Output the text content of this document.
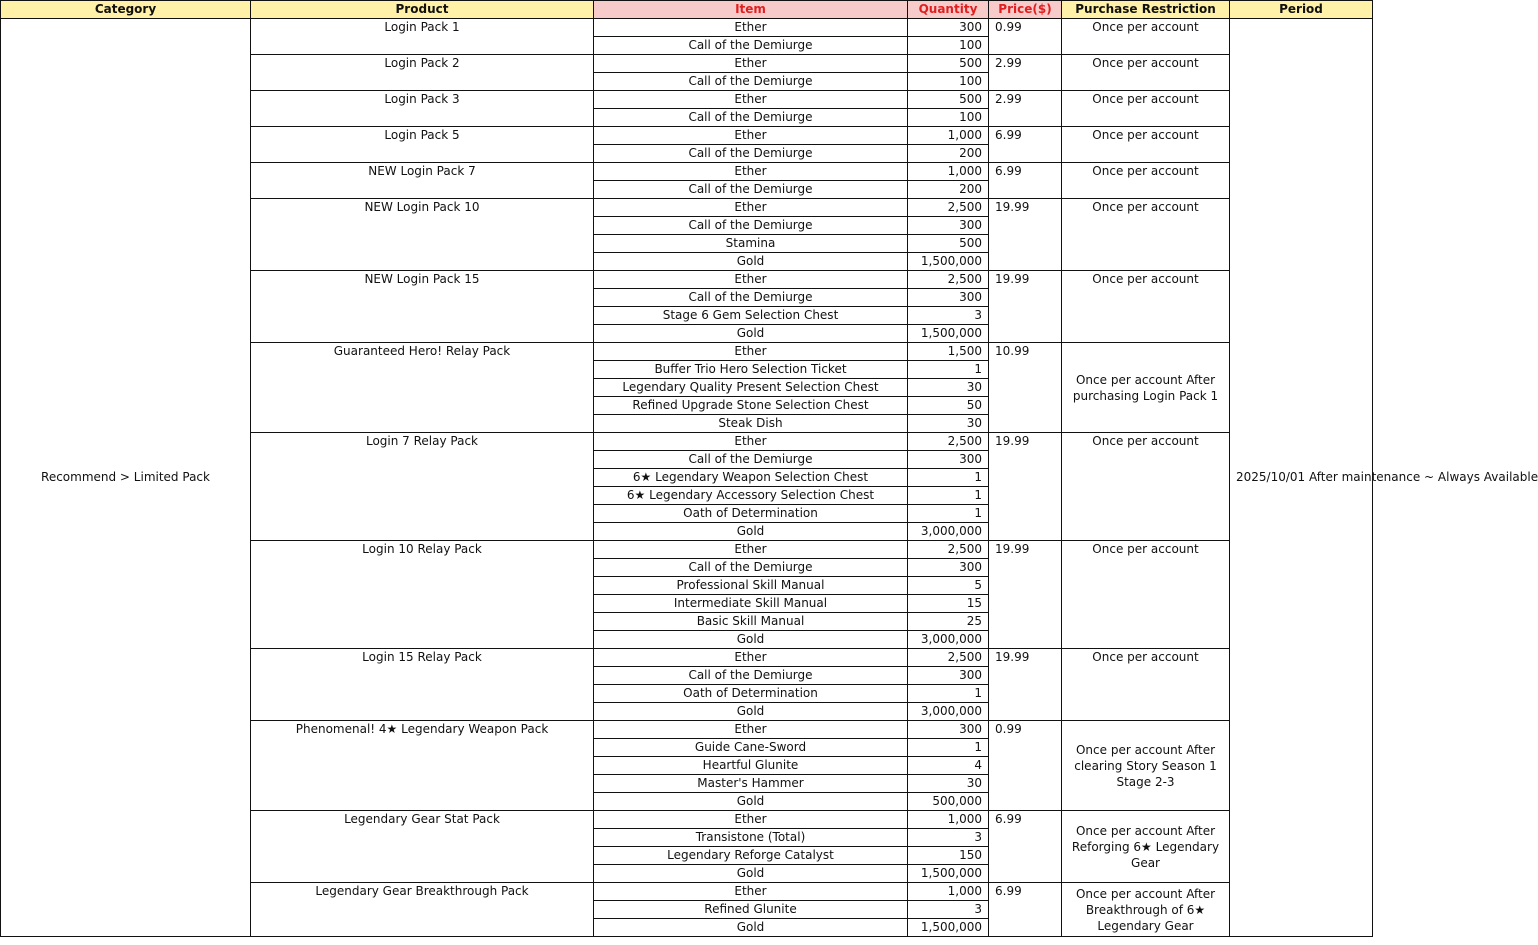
Category	Product	Item	Quantity	Price($)	Purchase Restriction	Period
Recommend > Limited Pack	Login Pack 1	Ether	300	0.99	Once per account	2025/10/01 After maintenance ~ Always Available
		Call of the Demiurge	100			
	Login Pack 2	Ether	500	2.99	Once per account	
		Call of the Demiurge	100			
	Login Pack 3	Ether	500	2.99	Once per account	
		Call of the Demiurge	100			
	Login Pack 5	Ether	1,000	6.99	Once per account	
		Call of the Demiurge	200			
	NEW Login Pack 7	Ether	1,000	6.99	Once per account	
		Call of the Demiurge	200			
	NEW Login Pack 10	Ether	2,500	19.99	Once per account	
		Call of the Demiurge	300			
		Stamina	500			
		Gold	1,500,000			
	NEW Login Pack 15	Ether	2,500	19.99	Once per account	
		Call of the Demiurge	300			
		Stage 6 Gem Selection Chest	3			
		Gold	1,500,000			
	Guaranteed Hero! Relay Pack	Ether	1,500	10.99	Once per account After purchasing Login Pack 1	
		Buffer Trio Hero Selection Ticket	1			
		Legendary Quality Present Selection Chest	30			
		Refined Upgrade Stone Selection Chest	50			
		Steak Dish	30			
	Login 7 Relay Pack	Ether	2,500	19.99	Once per account	
		Call of the Demiurge	300			
		6★ Legendary Weapon Selection Chest	1			
		6★ Legendary Accessory Selection Chest	1			
		Oath of Determination	1			
		Gold	3,000,000			
	Login 10 Relay Pack	Ether	2,500	19.99	Once per account	
		Call of the Demiurge	300			
		Professional Skill Manual	5			
		Intermediate Skill Manual	15			
		Basic Skill Manual	25			
		Gold	3,000,000			
	Login 15 Relay Pack	Ether	2,500	19.99	Once per account	
		Call of the Demiurge	300			
		Oath of Determination	1			
		Gold	3,000,000			
	Phenomenal! 4★ Legendary Weapon Pack	Ether	300	0.99	Once per account After clearing Story Season 1 Stage 2-3	
		Guide Cane-Sword	1			
		Heartful Glunite	4			
		Master's Hammer	30			
		Gold	500,000			
	Legendary Gear Stat Pack	Ether	1,000	6.99	Once per account After Reforging 6★ Legendary Gear	
		Transistone (Total)	3			
		Legendary Reforge Catalyst	150			
		Gold	1,500,000			
	Legendary Gear Breakthrough Pack	Ether	1,000	6.99	Once per account After Breakthrough of 6★ Legendary Gear	
		Refined Glunite	3			
		Gold	1,500,000			
